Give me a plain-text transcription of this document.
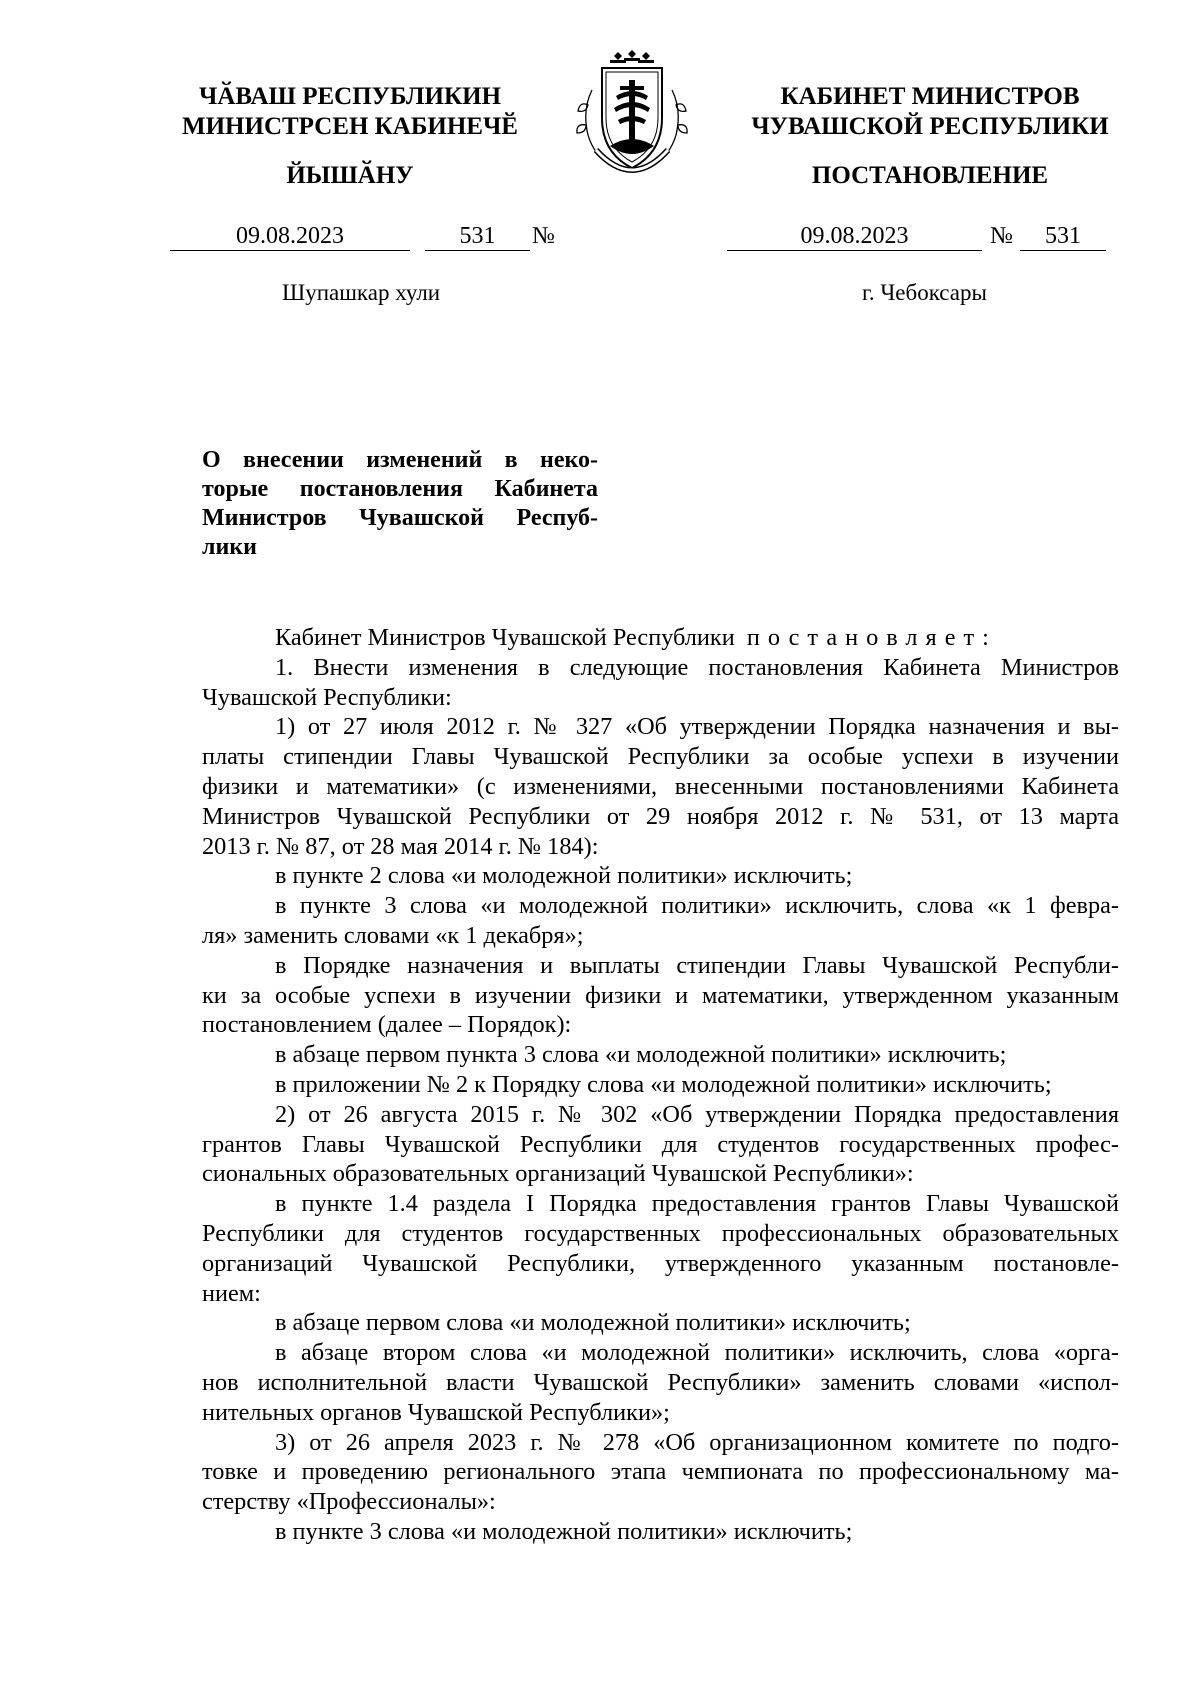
ЧӐВАШ РЕСПУБЛИКИН
МИНИСТРСЕН КАБИНЕЧӖ
ЙЫШӐНУ
КАБИНЕТ МИНИСТРОВ
ЧУВАШСКОЙ РЕСПУБЛИКИ
ПОСТАНОВЛЕНИЕ
09.08.2023	531	№	09.08.2023	№	531
Шупашкар хули	г. Чебоксары
О внесении изменений в неко-
торые постановления Кабинета
Министров Чувашской Респуб-
лики
Кабинет Министров Чувашской Республики постановляет:
1. Внести изменения в следующие постановления Кабинета Министров
Чувашской Республики:
1) от 27 июля 2012 г. № 327 «Об утверждении Порядка назначения и вы-
платы стипендии Главы Чувашской Республики за особые успехи в изучении
физики и математики» (с изменениями, внесенными постановлениями Кабинета
Министров Чувашской Республики от 29 ноября 2012 г. № 531, от 13 марта
2013 г. № 87, от 28 мая 2014 г. № 184):
в пункте 2 слова «и молодежной политики» исключить;
в пункте 3 слова «и молодежной политики» исключить, слова «к 1 февра-
ля» заменить словами «к 1 декабря»;
в Порядке назначения и выплаты стипендии Главы Чувашской Республи-
ки за особые успехи в изучении физики и математики, утвержденном указанным
постановлением (далее – Порядок):
в абзаце первом пункта 3 слова «и молодежной политики» исключить;
в приложении № 2 к Порядку слова «и молодежной политики» исключить;
2) от 26 августа 2015 г. № 302 «Об утверждении Порядка предоставления
грантов Главы Чувашской Республики для студентов государственных профес-
сиональных образовательных организаций Чувашской Республики»:
в пункте 1.4 раздела I Порядка предоставления грантов Главы Чувашской
Республики для студентов государственных профессиональных образовательных
организаций Чувашской Республики, утвержденного указанным постановле-
нием:
в абзаце первом слова «и молодежной политики» исключить;
в абзаце втором слова «и молодежной политики» исключить, слова «орга-
нов исполнительной власти Чувашской Республики» заменить словами «испол-
нительных органов Чувашской Республики»;
3) от 26 апреля 2023 г. № 278 «Об организационном комитете по подго-
товке и проведению регионального этапа чемпионата по профессиональному ма-
стерству «Профессионалы»:
в пункте 3 слова «и молодежной политики» исключить;
